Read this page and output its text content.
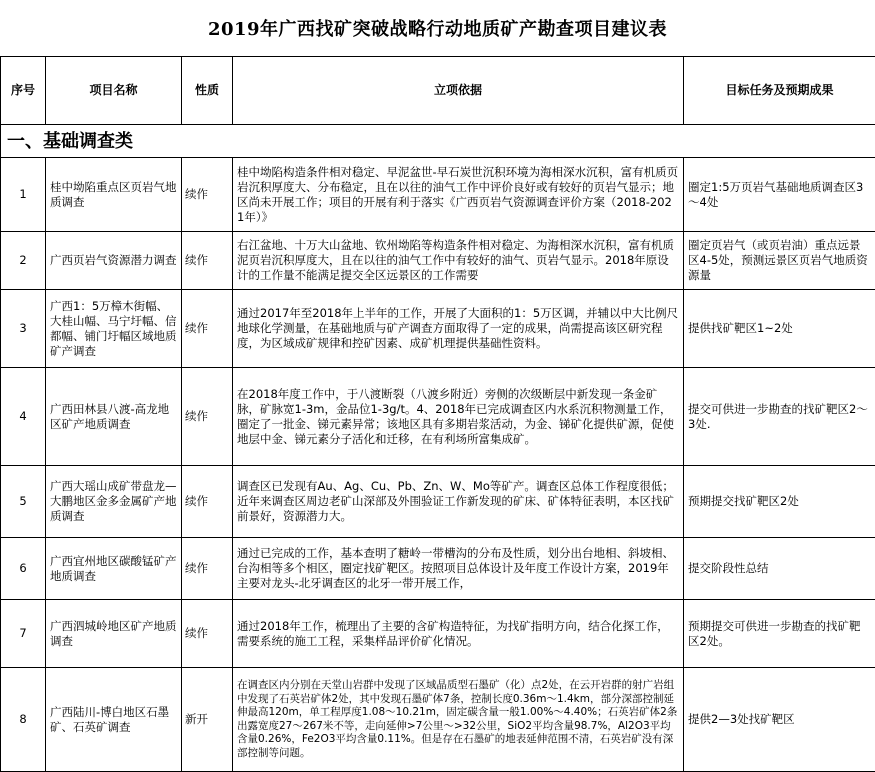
2019年广西找矿突破战略行动地质矿产勘查项目建议表
序号	项目名称	性质	立项依据	目标任务及预期成果
一、基础调查类				
1	桂中坳陷重点区页岩气地质调查	续作	桂中坳陷构造条件相对稳定、早泥盆世-早石炭世沉积环境为海相深水沉积，富有机质页岩沉积厚度大、分布稳定，且在以往的油气工作中评价良好或有较好的页岩气显示；地区尚未开展工作；项目的开展有利于落实《广西页岩气资源调查评价方案（2018-2021年）》	圈定1:5万页岩气基础地质调查区3～4处
2	广西页岩气资源潜力调查	续作	右江盆地、十万大山盆地、钦州坳陷等构造条件相对稳定、为海相深水沉积，富有机质泥页岩沉积厚度大，且在以往的油气工作中有较好的油气、页岩气显示。2018年原设计的工作量不能满足提交全区远景区的工作需要	圈定页岩气（或页岩油）重点远景区4-5处，预测远景区页岩气地质资源量
3	广西1：5万樟木街幅、大桂山幅、马宁圩幅、信都幅、铺门圩幅区域地质矿产调查	续作	通过2017年至2018年上半年的工作，开展了大面积的1：5万区调，并辅以中大比例尺地球化学测量，在基础地质与矿产调查方面取得了一定的成果，尚需提高该区研究程度，为区域成矿规律和控矿因素、成矿机理提供基础性资料。	提供找矿靶区1~2处
4	广西田林县八渡-高龙地区矿产地质调查	续作	在2018年度工作中，于八渡断裂（八渡乡附近）旁侧的次级断层中新发现一条金矿脉，矿脉宽1-3m，金品位1-3g/t。4、2018年已完成调查区内水系沉积物测量工作，圈定了一批金、锑元素异常；该地区具有多期岩浆活动，为金、锑矿化提供矿源，促使地层中金、锑元素分子活化和迁移，在有利场所富集成矿。	提交可供进一步勘查的找矿靶区2～3处.
5	广西大瑶山成矿带盘龙—大鹏地区金多金属矿产地质调查	续作	调查区已发现有Au、Ag、Cu、Pb、Zn、W、Mo等矿产。调查区总体工作程度很低；近年来调查区周边老矿山深部及外围验证工作新发现的矿床、矿体特征表明，本区找矿前景好，资源潜力大。	预期提交找矿靶区2处
6	广西宜州地区碳酸锰矿产地质调查	续作	通过已完成的工作，基本查明了糖岭一带槽沟的分布及性质，划分出台地相、斜坡相、台沟相等多个相区，圈定找矿靶区。按照项目总体设计及年度工作设计方案，2019年主要对龙头-北牙调查区的北牙一带开展工作，	提交阶段性总结
7	广西泗城岭地区矿产地质调查	续作	通过2018年工作，梳理出了主要的含矿构造特征，为找矿指明方向，结合化探工作，需要系统的施工工程，采集样品评价矿化情况。	预期提交可供进一步勘查的找矿靶区2处。
8	广西陆川-博白地区石墨矿、石英矿调查	新开	在调查区内分别在天堂山岩群中发现了区域晶质型石墨矿（化）点2处，在云开岩群的射广岩组中发现了石英岩矿体2处，其中发现石墨矿体7条，控制长度0.36m～1.4km，部分深部控制延伸最高120m，单工程厚度1.08～10.21m，固定碳含量一般1.00%～4.40%；石英岩矿体2条出露宽度27～267米不等，走向延伸>7公里～>32公里，SiO2平均含量98.7%，Al2O3平均含量0.26%，Fe2O3平均含量0.11%。但是存在石墨矿的地表延伸范围不清，石英岩矿没有深部控制等问题。	提供2—3处找矿靶区
